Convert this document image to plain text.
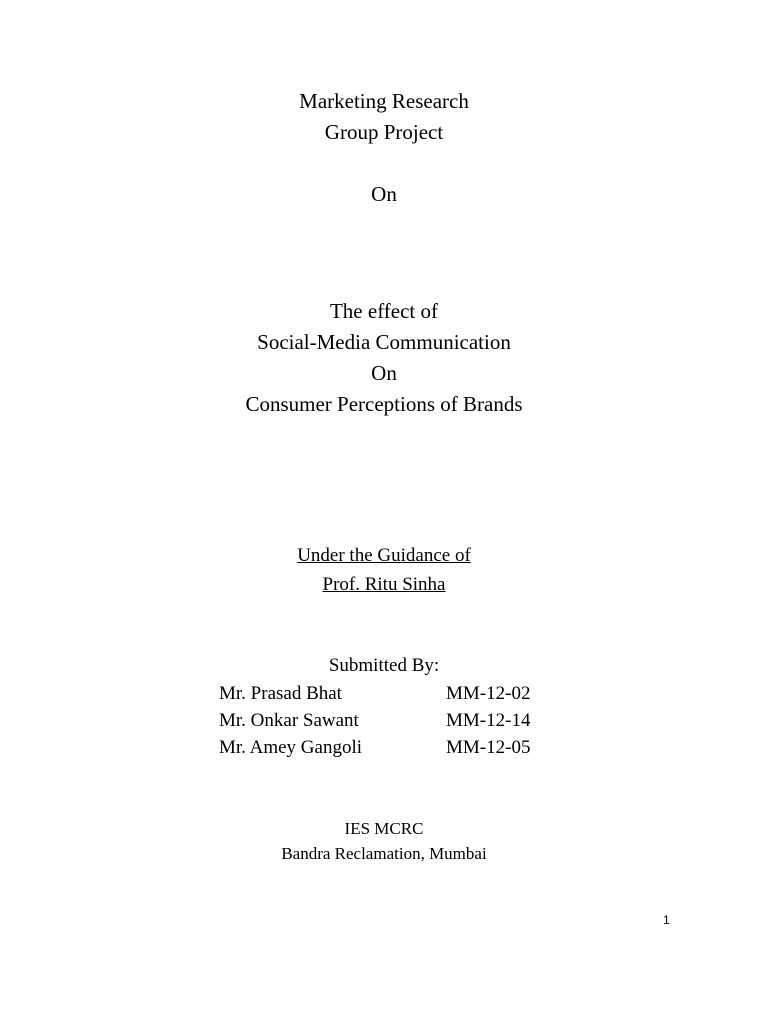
Marketing Research
Group Project
On
The effect of
Social-Media Communication
On
Consumer Perceptions of Brands
Under the Guidance of
Prof. Ritu Sinha
Submitted By:
Mr. Prasad Bhat	MM-12-02
Mr. Onkar Sawant	MM-12-14
Mr. Amey Gangoli	MM-12-05
IES MCRC
Bandra Reclamation, Mumbai
1
